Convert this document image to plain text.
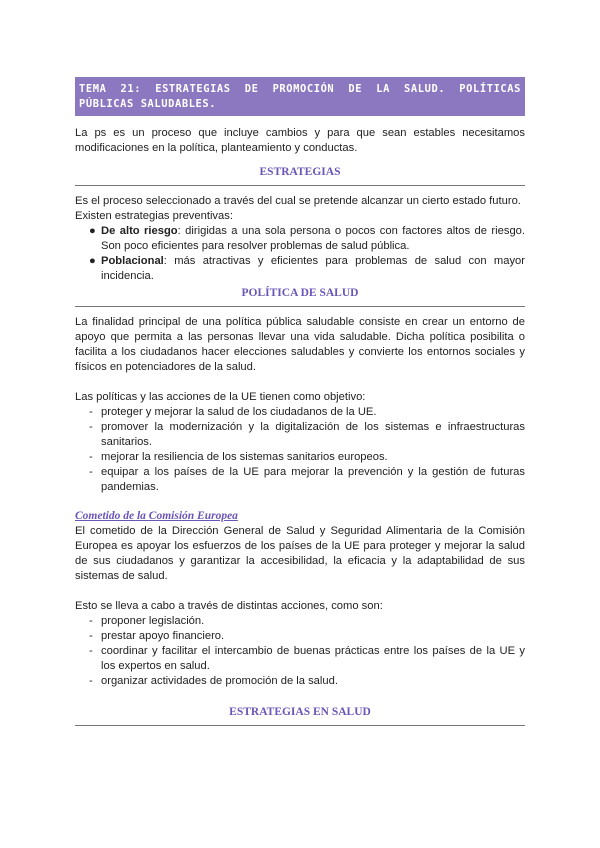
TEMA 21: ESTRATEGIAS DE PROMOCIÓN DE LA SALUD. POLÍTICAS PÚBLICAS SALUDABLES.

La ps es un proceso que incluye cambios y para que sean estables necesitamos modificaciones en la política, planteamiento y conductas.

ESTRATEGIAS

Es el proceso seleccionado a través del cual se pretende alcanzar un cierto estado futuro.

Existen estrategias preventivas:

● De alto riesgo: dirigidas a una sola persona o pocos con factores altos de riesgo. Son poco eficientes para resolver problemas de salud pública.
● Poblacional: más atractivas y eficientes para problemas de salud con mayor incidencia.
POLÍTICA DE SALUD

La finalidad principal de una política pública saludable consiste en crear un entorno de apoyo que permita a las personas llevar una vida saludable. Dicha política posibilita o facilita a los ciudadanos hacer elecciones saludables y convierte los entornos sociales y físicos en potenciadores de la salud.

Las políticas y las acciones de la UE tienen como objetivo:

- proteger y mejorar la salud de los ciudadanos de la UE.
- promover la modernización y la digitalización de los sistemas e infraestructuras sanitarios.
- mejorar la resiliencia de los sistemas sanitarios europeos.
- equipar a los países de la UE para mejorar la prevención y la gestión de futuras pandemias.
Cometido de la Comisión Europea

El cometido de la Dirección General de Salud y Seguridad Alimentaria de la Comisión Europea es apoyar los esfuerzos de los países de la UE para proteger y mejorar la salud de sus ciudadanos y garantizar la accesibilidad, la eficacia y la adaptabilidad de sus sistemas de salud.

Esto se lleva a cabo a través de distintas acciones, como son:

- proponer legislación.
- prestar apoyo financiero.
- coordinar y facilitar el intercambio de buenas prácticas entre los países de la UE y los expertos en salud.
- organizar actividades de promoción de la salud.
ESTRATEGIAS EN SALUD
